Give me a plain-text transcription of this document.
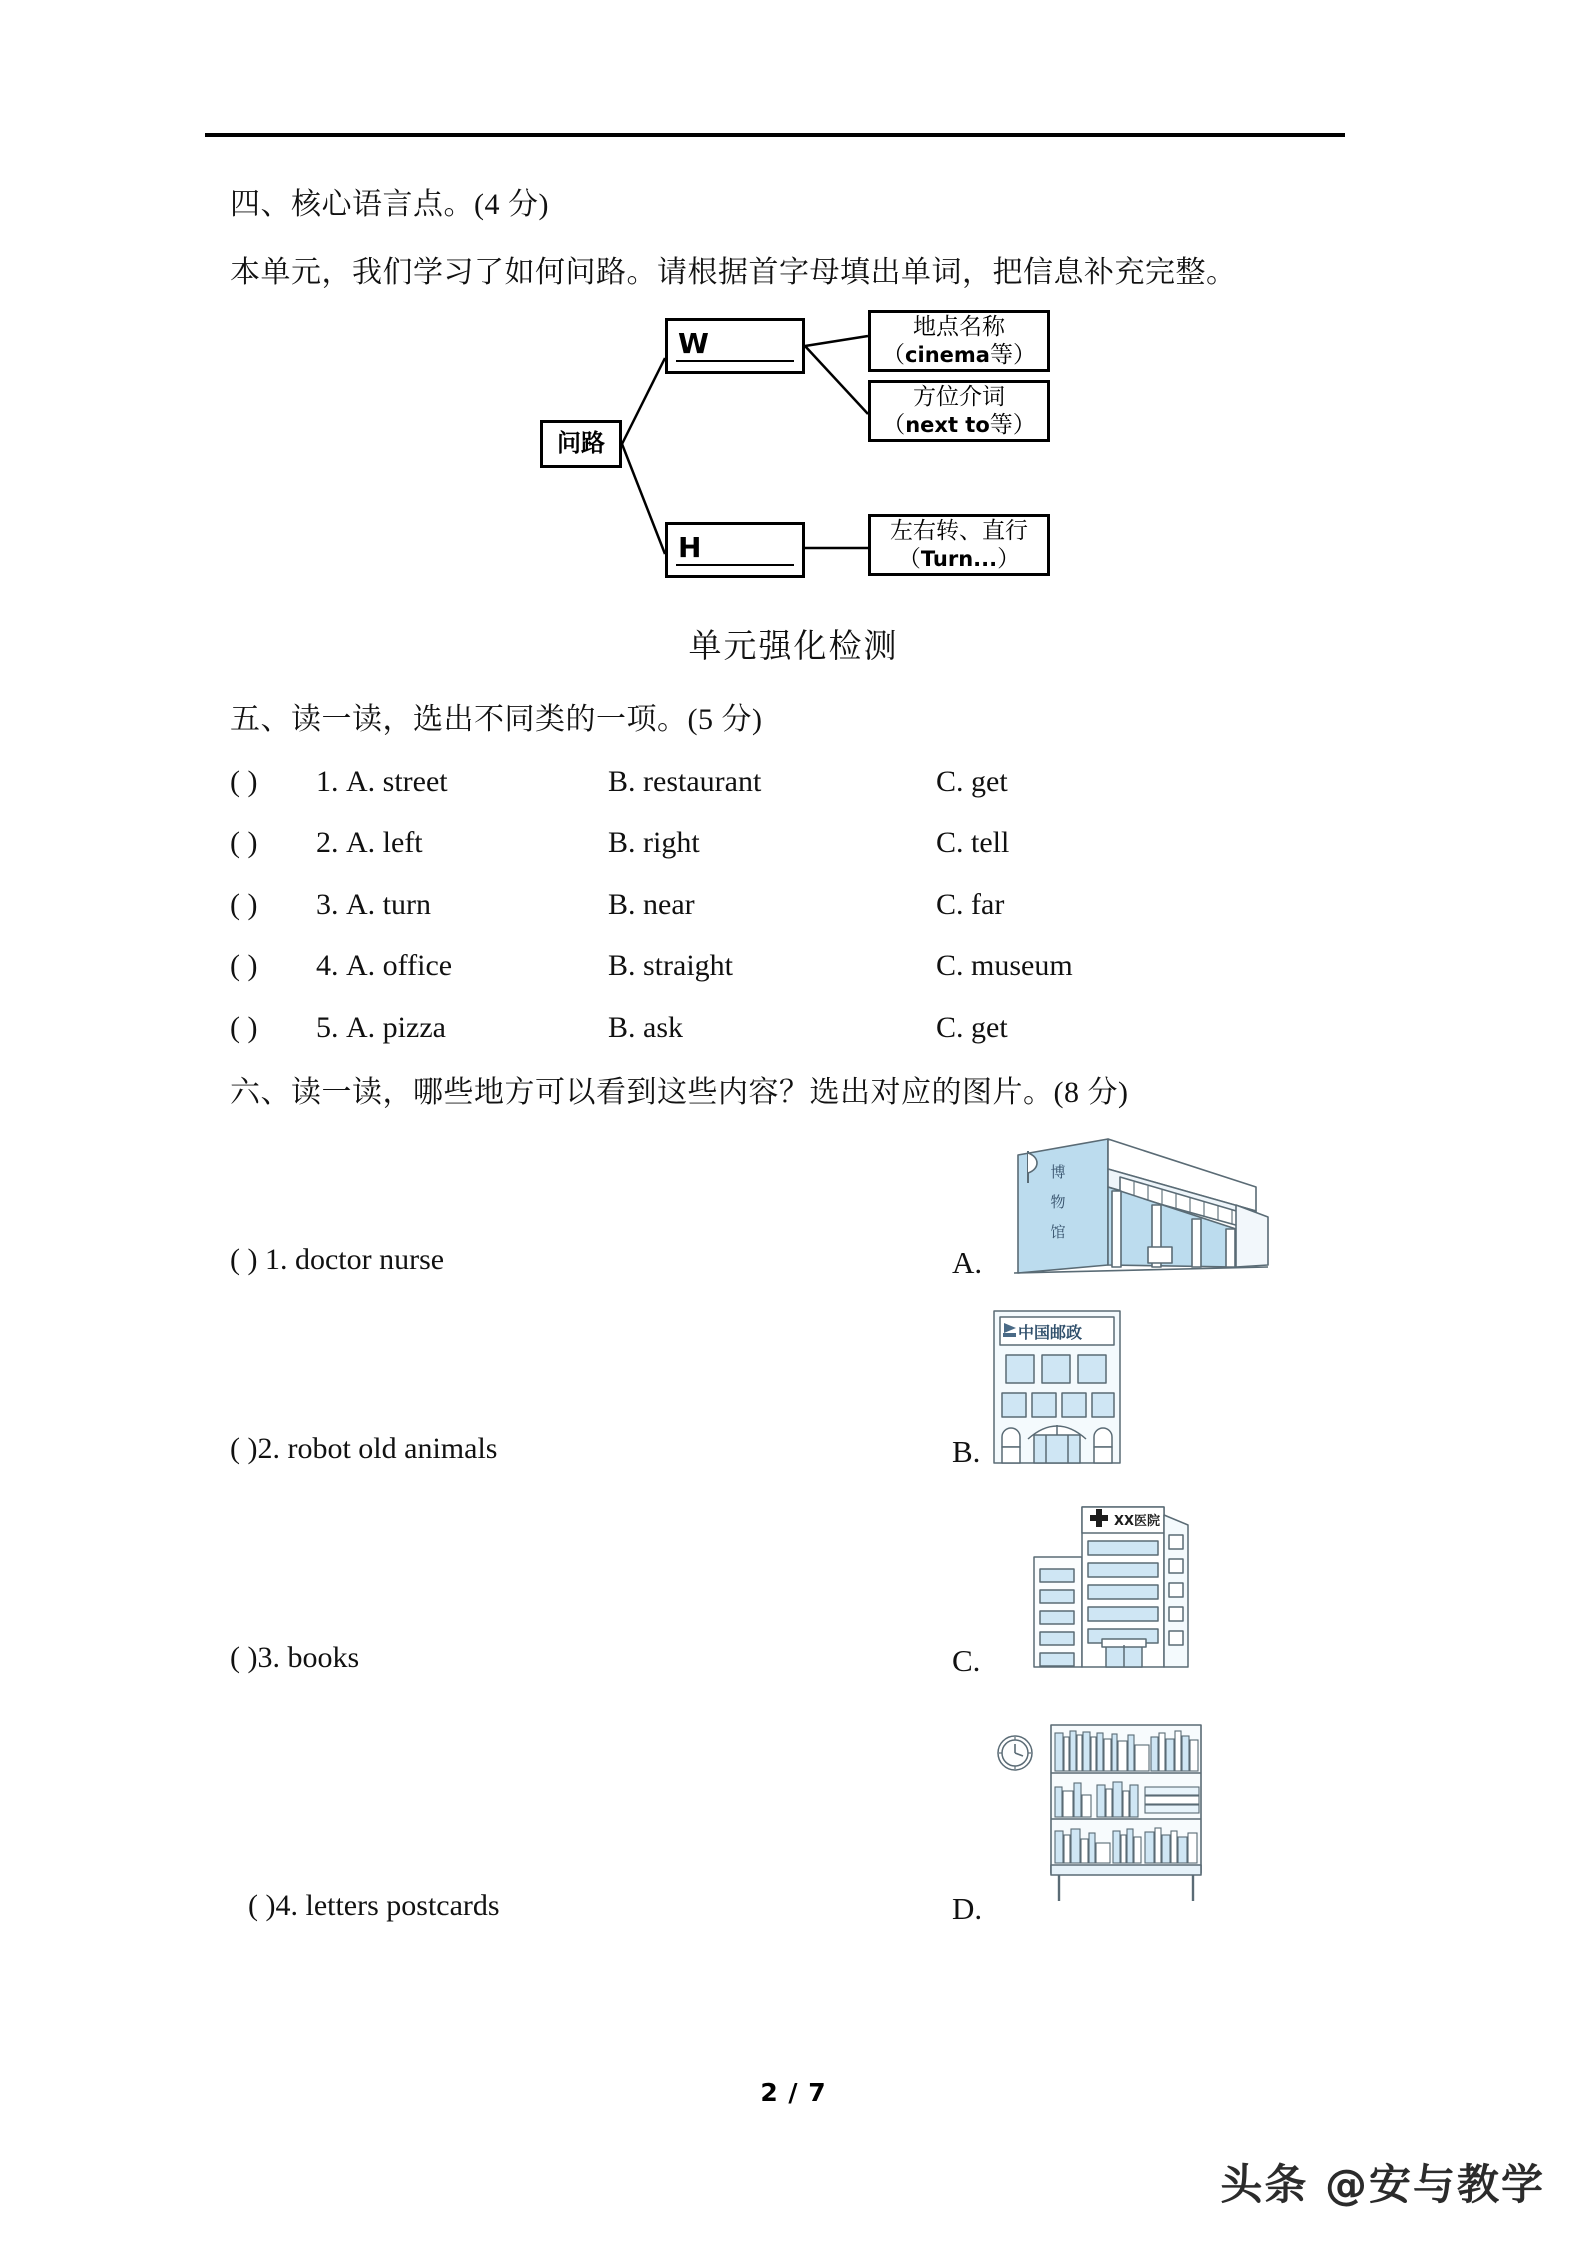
四、核心语言点。(4 分)
本单元，我们学习了如何问路。请根据首字母填出单词，把信息补充完整。
问路
W
H
地点名称
（cinema等）
方位介词
（next to等）
左右转、直行
（Turn...）
单元强化检测
五、读一读，选出不同类的一项。(5 分)
( ) 1. A. street	B. restaurant	C. get
( ) 2. A. left	B. right	C. tell
( ) 3. A. turn	B. near	C. far
( ) 4. A. office	B. straight	C. museum
( ) 5. A. pizza	B. ask	C. get
六、读一读，哪些地方可以看到这些内容？选出对应的图片。(8 分)
( ) 1. doctor nurse
( )2. robot old animals
( )3. books
( )4. letters postcards
A.
B.
C.
D.
博
物
馆
中国邮政
XX医院
2 / 7
头条 @安与教学
